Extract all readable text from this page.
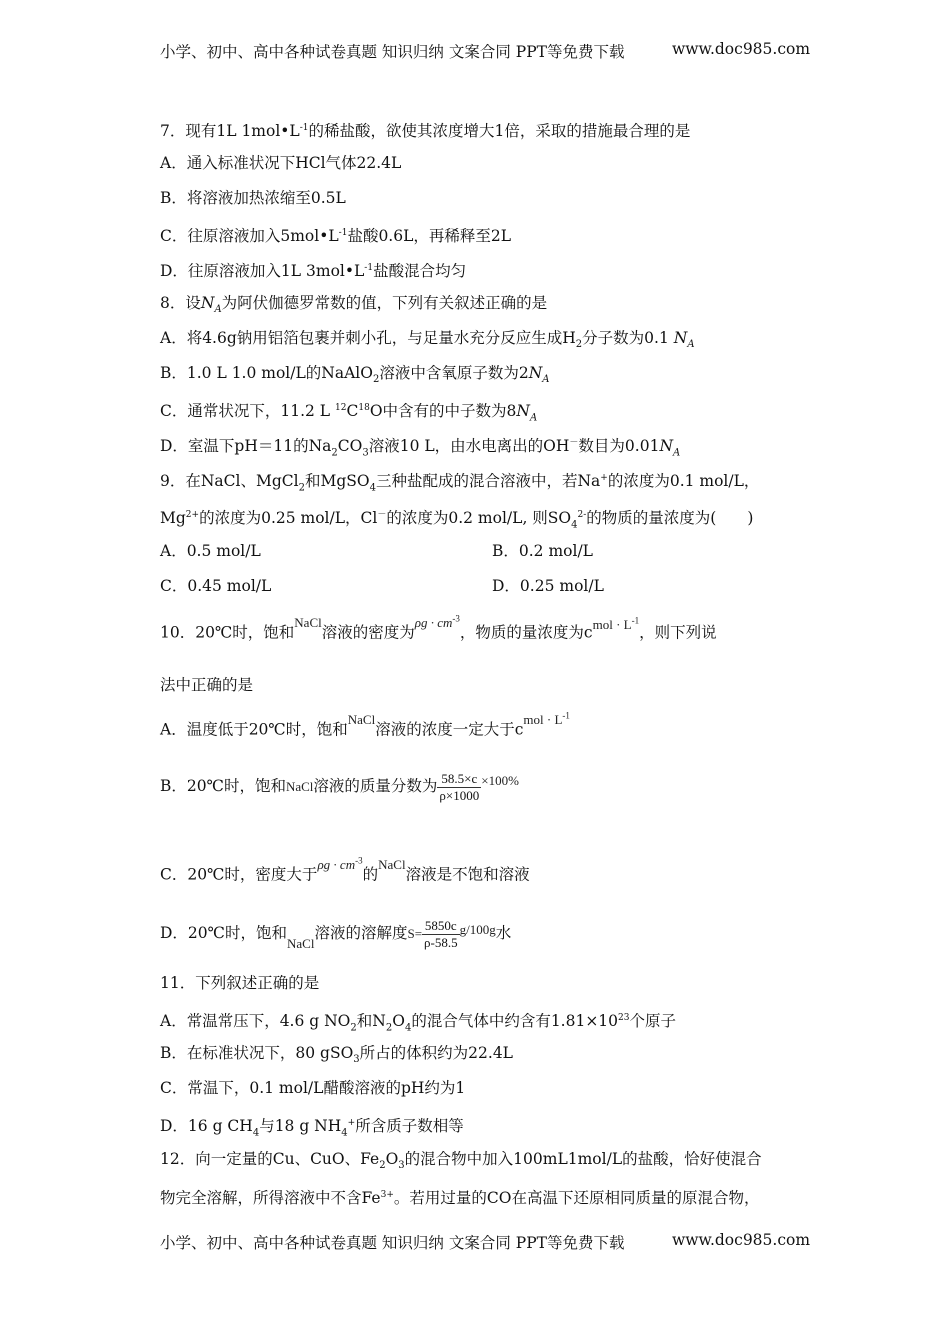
小学、初中、高中各种试卷真题 知识归纳 文案合同 PPT等免费下载	www.doc985.com
7．现有1L $1mol•L^{-1}$的稀盐酸，欲使其浓度增大1倍，采取的措施最合理的是
A．通入标准状况下HCl气体22.4L
B．将溶液加热浓缩至0.5L
C．往原溶液加入$5mol•L^{-1}$盐酸0.6L，再稀释至2L
D．往原溶液加入1L $3mol•L^{-1}$盐酸混合均匀
8．设$N_A$为阿伏伽德罗常数的值，下列有关叙述正确的是
A．将4.6g钠用铝箔包裹并刺小孔，与足量水充分反应生成$H_2$分子数为0.1 $N_A$
B．1.0 L 1.0 mol/L的NaAlO$_2$溶液中含氧原子数为$2N_A$
C．通常状况下，11.2 L $^{12}C^{18}O$中含有的中子数为$8N_A$
D．室温下pH＝11的$Na_2CO_3$溶液10 L，由水电离出的OH－数目为$0.01N_A$
9．在NaCl、MgCl$_2$和MgSO$_4$三种盐配成的混合溶液中，若Na+的浓度为0.1 mol/L，
$Mg^{2+}$的浓度为0.25 mol/L，Cl－的浓度为0.2 mol/L, 则$SO_4^{2-}$的物质的量浓度为(　　)
A．0.5 mol/L	B．0.2 mol/L
C．0.45 mol/L	D．0.25 mol/L
10．20℃时，饱和$^{NaCl}$溶液的密度为$^{\rho g \cdot cm^{-3}}$，物质的量浓度为$c^{mol \cdot L^{-1}}$，则下列说
法中正确的是
A．温度低于20℃时，饱和$^{NaCl}$溶液的浓度一定大于$c^{mol \cdot L^{-1}}$
B．20℃时，饱和NaCl溶液的质量分数为 $\frac{58.5\times c}{\rho\times 1000} ^{\times 100\%}$
C．20℃时，密度大于$^{\rho g \cdot cm^{-3}}$的$^{NaCl}$溶液是不饱和溶液
D．20℃时，饱和$_{NaCl}$溶液的溶解度$S= \frac{5850c}{\rho-58.5} ^{g/100g}$水
11．下列叙述正确的是
A．常温常压下，4.6 g $NO_2$和$N_2O_4$的混合气体中约含有$1.81\times 10^{23}$个原子
B．在标准状况下，80 gSO$_3$所占的体积约为22.4L
C．常温下，0.1 mol/L醋酸溶液的pH约为1
D．16 g $CH_4$与18 g $NH_4^+$所含质子数相等
12．向一定量的Cu、CuO、$Fe_2O_3$的混合物中加入100mL1mol/L的盐酸，恰好使混合
物完全溶解，所得溶液中不含$Fe^{3+}$。若用过量的CO在高温下还原相同质量的原混合物，
小学、初中、高中各种试卷真题 知识归纳 文案合同 PPT等免费下载	www.doc985.com
